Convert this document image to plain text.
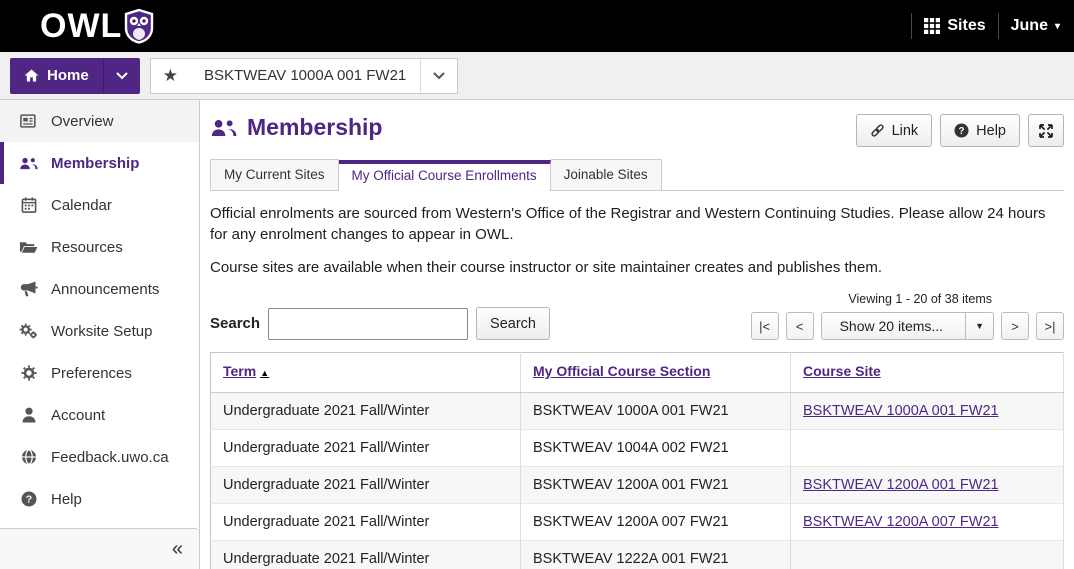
OWL	Sites June ▾
Home	★	BSKTWEAV 1000A 001 FW21
Overview
Membership
Calendar
Resources
Announcements
Worksite Setup
Preferences
Account
Feedback.uwo.ca
? Help
«
Membership	Link	? Help
My Current Sites	My Official Course Enrollments	Joinable Sites

Official enrolments are sourced from Western's Office of the Registrar and Western Continuing Studies. Please allow 24 hours for any enrolment changes to appear in OWL.

Course sites are available when their course instructor or site maintainer creates and publishes them.

Search	Search
Viewing 1 - 20 of 38 items
|<	<	Show 20 items...	▼	>	>|
Term ▲	My Official Course Section	Course Site
Undergraduate 2021 Fall/Winter	BSKTWEAV 1000A 001 FW21	BSKTWEAV 1000A 001 FW21
Undergraduate 2021 Fall/Winter	BSKTWEAV 1004A 002 FW21	
Undergraduate 2021 Fall/Winter	BSKTWEAV 1200A 001 FW21	BSKTWEAV 1200A 001 FW21
Undergraduate 2021 Fall/Winter	BSKTWEAV 1200A 007 FW21	BSKTWEAV 1200A 007 FW21
Undergraduate 2021 Fall/Winter	BSKTWEAV 1222A 001 FW21	
